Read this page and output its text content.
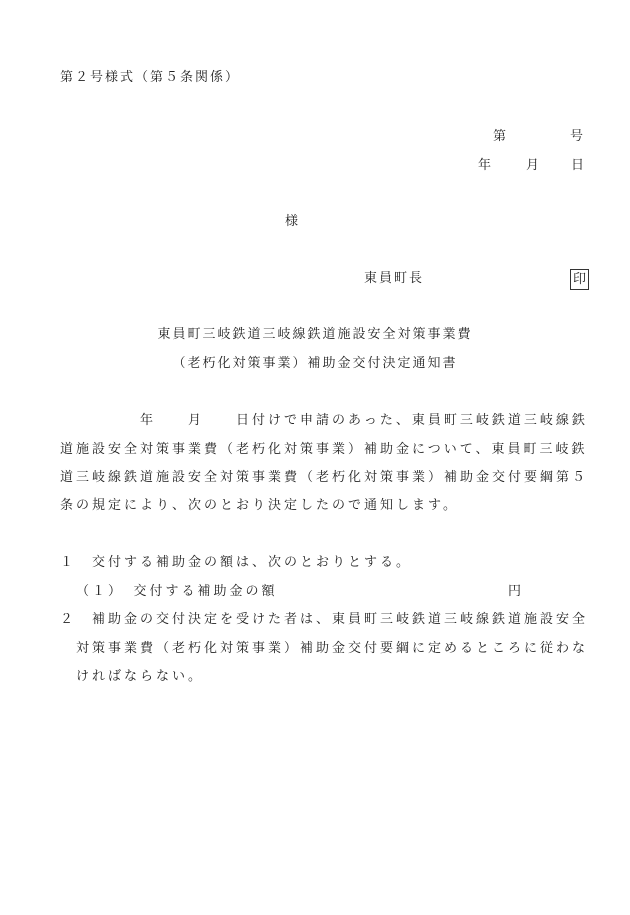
第２号様式（第５条関係）
第	号
年 月 日
様
東員町長	印
東員町三岐鉄道三岐線鉄道施設安全対策事業費
（老朽化対策事業）補助金交付決定通知書
　　　　　年　　月　　日付けで申請のあった、東員町三岐鉄道三岐線鉄
道施設安全対策事業費（老朽化対策事業）補助金について、東員町三岐鉄
道三岐線鉄道施設安全対策事業費（老朽化対策事業）補助金交付要綱第５
条の規定により、次のとおり決定したので通知します。
１　交付する補助金の額は、次のとおりとする。
（１）　交付する補助金の額	円
２　補助金の交付決定を受けた者は、東員町三岐鉄道三岐線鉄道施設安全
対策事業費（老朽化対策事業）補助金交付要綱に定めるところに従わな
ければならない。
